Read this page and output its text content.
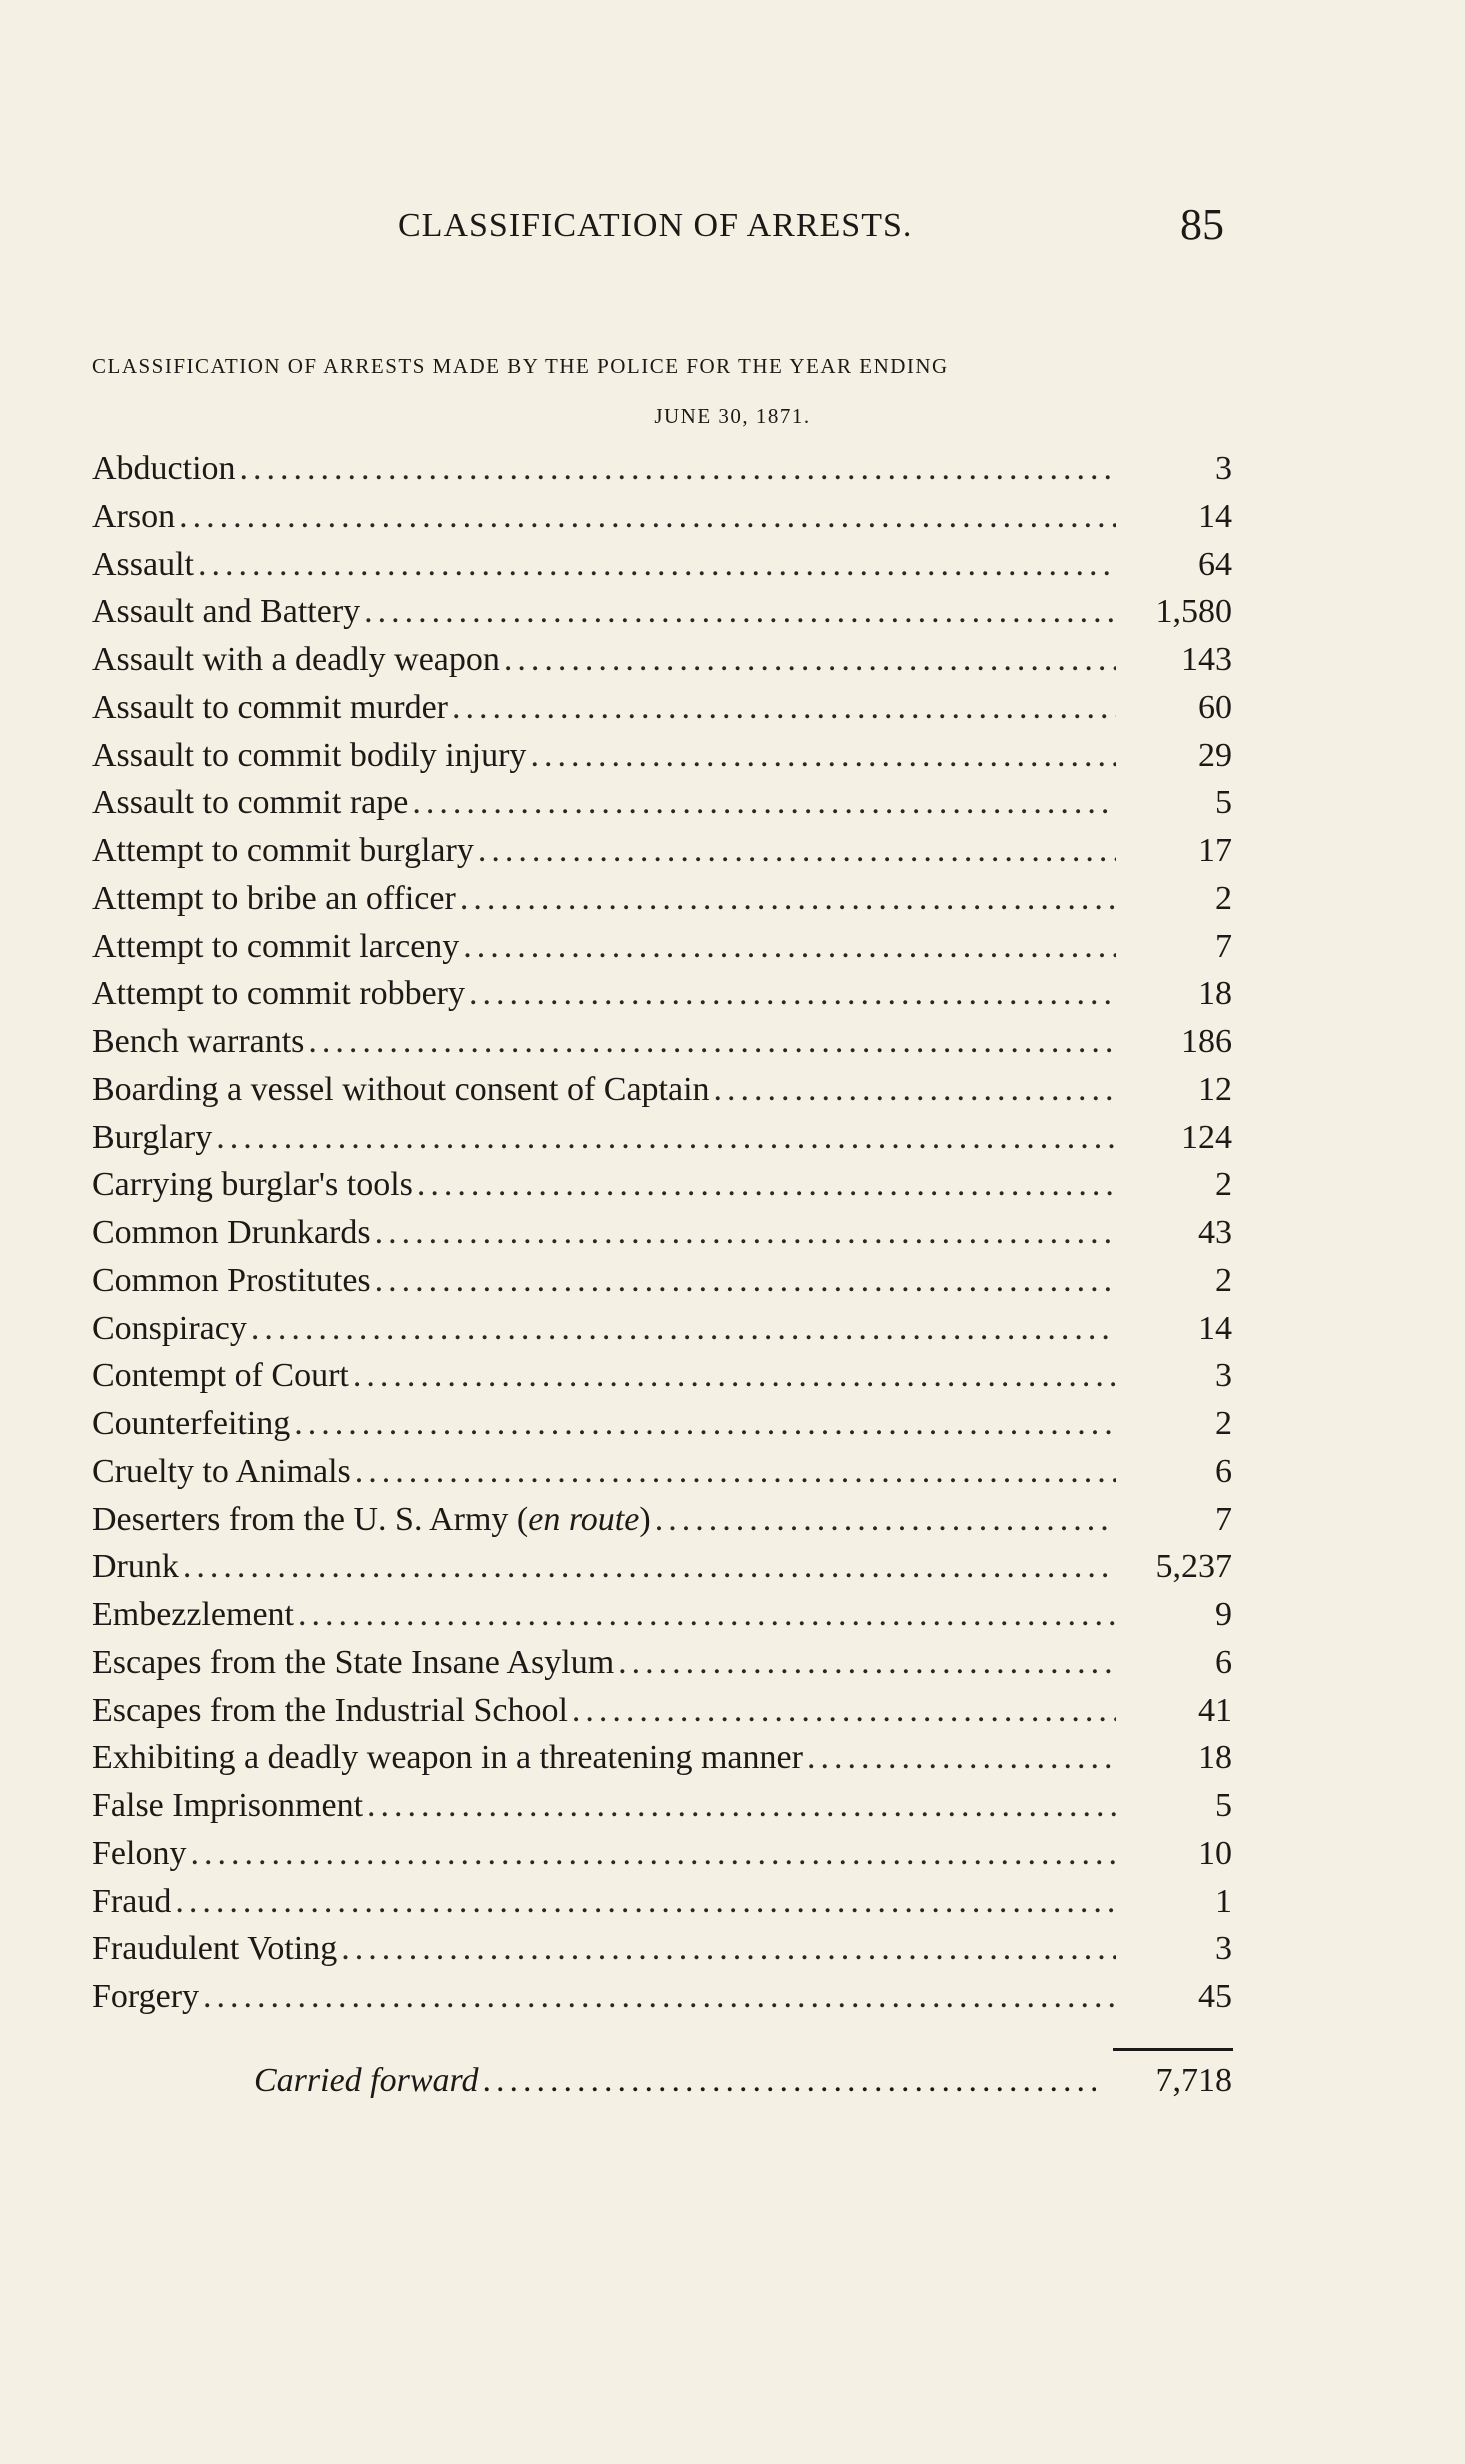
CLASSIFICATION OF ARRESTS.	85
CLASSIFICATION OF ARRESTS MADE BY THE POLICE FOR THE YEAR ENDING
JUNE 30, 1871.
Abduction .....	3
Arson .....	14
Assault .....	64
Assault and Battery .....	1,580
Assault with a deadly weapon .....	143
Assault to commit murder .....	60
Assault to commit bodily injury .....	29
Assault to commit rape .....	5
Attempt to commit burglary .....	17
Attempt to bribe an officer .....	2
Attempt to commit larceny .....	7
Attempt to commit robbery .....	18
Bench warrants .....	186
Boarding a vessel without consent of Captain .....	12
Burglary .....	124
Carrying burglar's tools .....	2
Common Drunkards .....	43
Common Prostitutes .....	2
Conspiracy .....	14
Contempt of Court .....	3
Counterfeiting .....	2
Cruelty to Animals .....	6
Deserters from the U. S. Army (en route) .....	7
Drunk .....	5,237
Embezzlement .....	9
Escapes from the State Insane Asylum .....	6
Escapes from the Industrial School .....	41
Exhibiting a deadly weapon in a threatening manner .....	18
False Imprisonment .....	5
Felony .....	10
Fraud .....	1
Fraudulent Voting .....	3
Forgery .....	45
Carried forward .....	7,718
